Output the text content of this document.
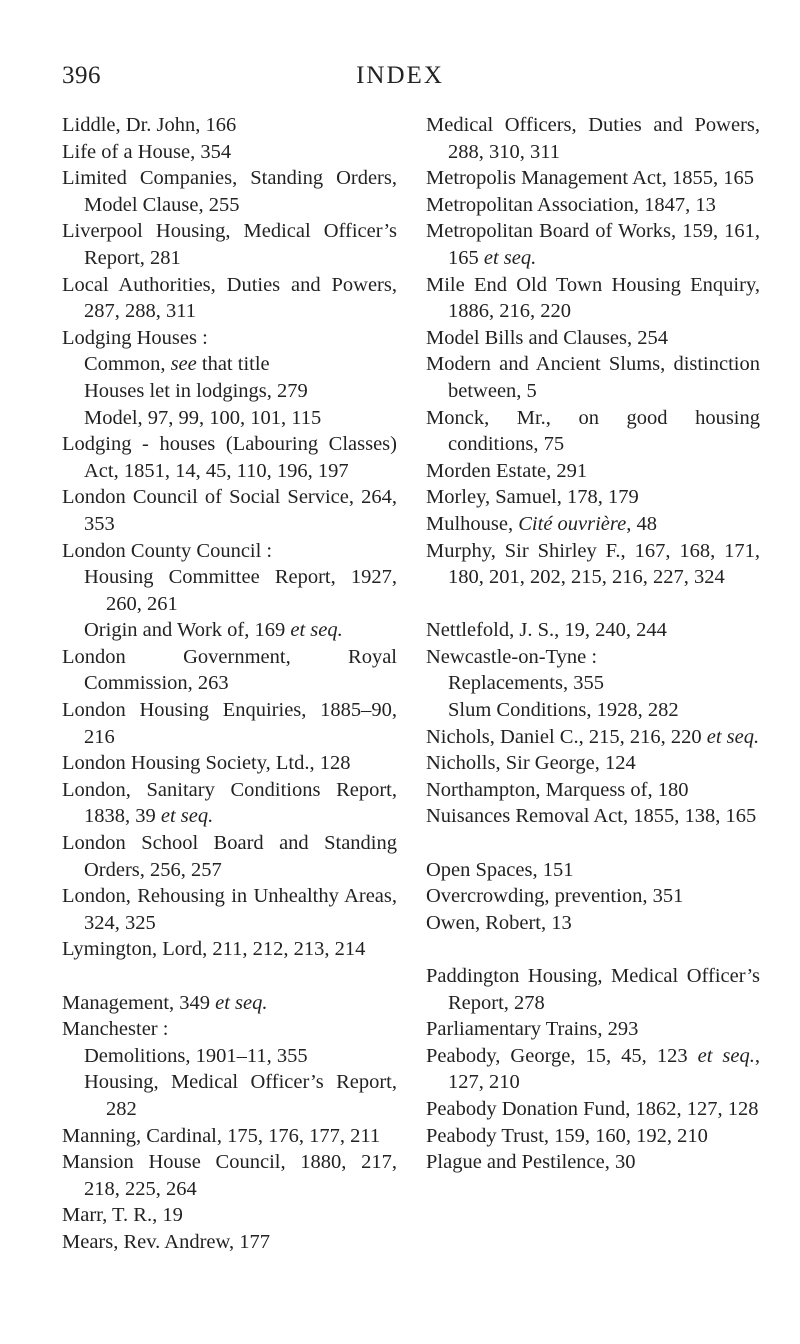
396	INDEX
Liddle, Dr. John, 166
Life of a House, 354
Limited Companies, Standing Orders, Model Clause, 255
Liverpool Housing, Medical Officer’s Report, 281
Local Authorities, Duties and Powers, 287, 288, 311
Lodging Houses :
Common, see that title
Houses let in lodgings, 279
Model, 97, 99, 100, 101, 115
Lodging - houses (Labouring Classes) Act, 1851, 14, 45, 110, 196, 197
London Council of Social Service, 264, 353
London County Council :
Housing Committee Report, 1927, 260, 261
Origin and Work of, 169 et seq.
London Government, Royal Commission, 263
London Housing Enquiries, 1885–90, 216
London Housing Society, Ltd., 128
London, Sanitary Conditions Report, 1838, 39 et seq.
London School Board and Standing Orders, 256, 257
London, Rehousing in Unhealthy Areas, 324, 325
Lymington, Lord, 211, 212, 213, 214
Management, 349 et seq.
Manchester :
Demolitions, 1901–11, 355
Housing, Medical Officer’s Report, 282
Manning, Cardinal, 175, 176, 177, 211
Mansion House Council, 1880, 217, 218, 225, 264
Marr, T. R., 19
Mears, Rev. Andrew, 177
Medical Officers, Duties and Powers, 288, 310, 311
Metropolis Management Act, 1855, 165
Metropolitan Association, 1847, 13
Metropolitan Board of Works, 159, 161, 165 et seq.
Mile End Old Town Housing Enquiry, 1886, 216, 220
Model Bills and Clauses, 254
Modern and Ancient Slums, distinction between, 5
Monck, Mr., on good housing conditions, 75
Morden Estate, 291
Morley, Samuel, 178, 179
Mulhouse, Cité ouvrière, 48
Murphy, Sir Shirley F., 167, 168, 171, 180, 201, 202, 215, 216, 227, 324
Nettlefold, J. S., 19, 240, 244
Newcastle-on-Tyne :
Replacements, 355
Slum Conditions, 1928, 282
Nichols, Daniel C., 215, 216, 220 et seq.
Nicholls, Sir George, 124
Northampton, Marquess of, 180
Nuisances Removal Act, 1855, 138, 165
Open Spaces, 151
Overcrowding, prevention, 351
Owen, Robert, 13
Paddington Housing, Medical Officer’s Report, 278
Parliamentary Trains, 293
Peabody, George, 15, 45, 123 et seq., 127, 210
Peabody Donation Fund, 1862, 127, 128
Peabody Trust, 159, 160, 192, 210
Plague and Pestilence, 30
